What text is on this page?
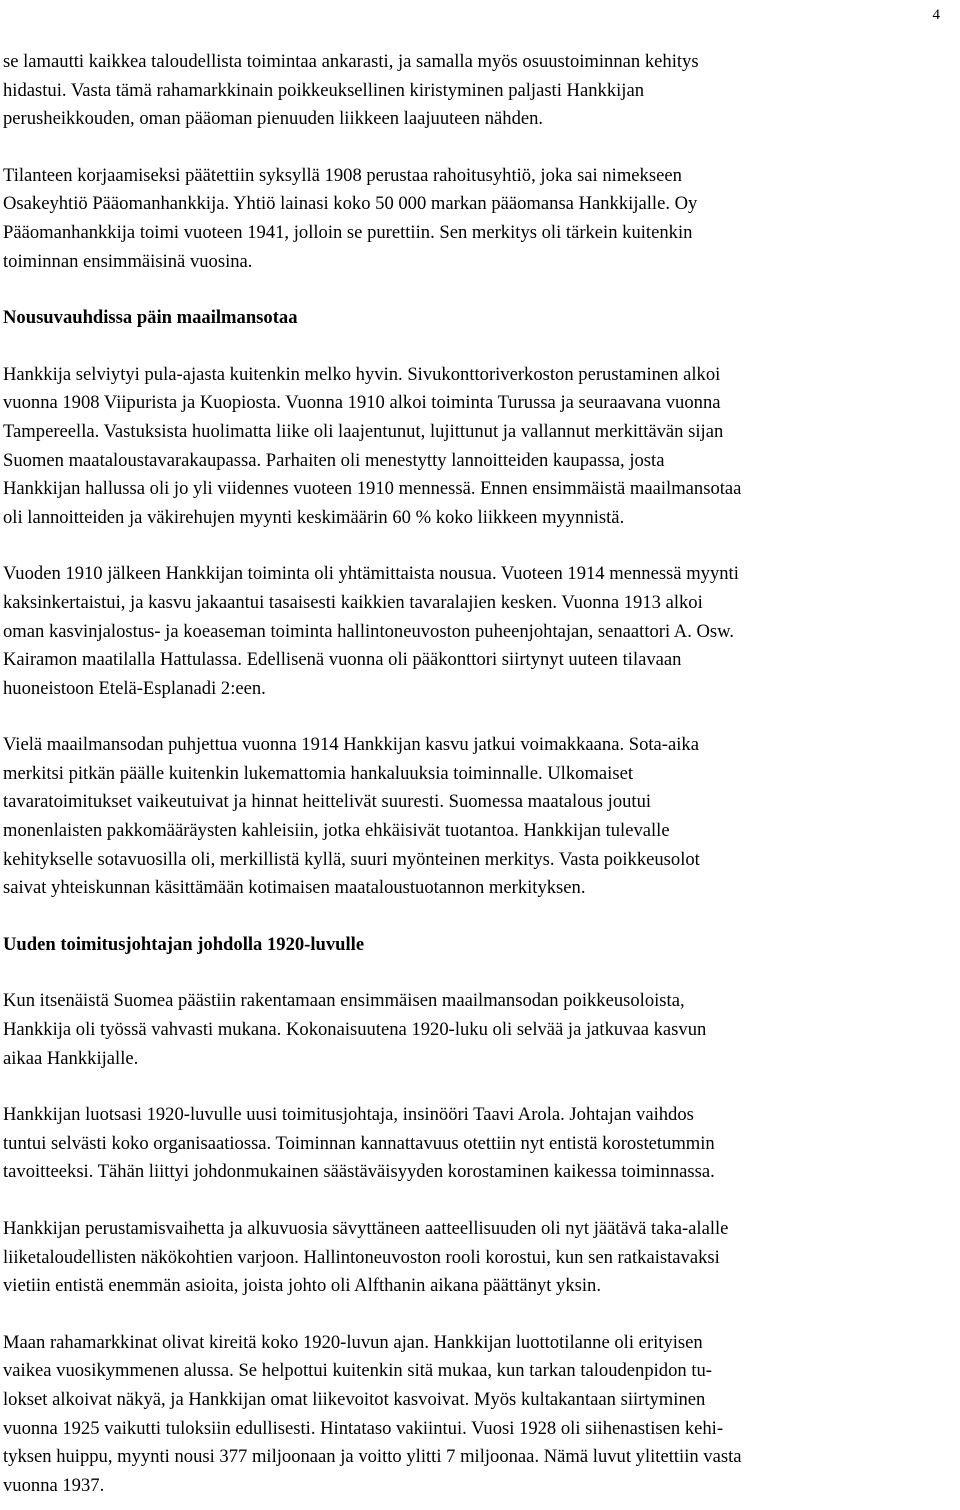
4
se lamautti kaikkea taloudellista toimintaa ankarasti, ja samalla myös osuustoiminnan kehitys
hidastui. Vasta tämä rahamarkkinain poikkeuksellinen kiristyminen paljasti Hankkijan
perusheikkouden, oman pääoman pienuuden liikkeen laajuuteen nähden.
Tilanteen korjaamiseksi päätettiin syksyllä 1908 perustaa rahoitusyhtiö, joka sai nimekseen
Osakeyhtiö Pääomanhankkija. Yhtiö lainasi koko 50 000 markan pääomansa Hankkijalle. Oy
Pääomanhankkija toimi vuoteen 1941, jolloin se purettiin. Sen merkitys oli tärkein kuitenkin
toiminnan ensimmäisinä vuosina.
Nousuvauhdissa päin maailmansotaa
Hankkija selviytyi pula-ajasta kuitenkin melko hyvin. Sivukonttoriverkoston perustaminen alkoi
vuonna 1908 Viipurista ja Kuopiosta. Vuonna 1910 alkoi toiminta Turussa ja seuraavana vuonna
Tampereella. Vastuksista huolimatta liike oli laajentunut, lujittunut ja vallannut merkittävän sijan
Suomen maataloustavarakaupassa. Parhaiten oli menestytty lannoitteiden kaupassa, josta
Hankkijan hallussa oli jo yli viidennes vuoteen 1910 mennessä. Ennen ensimmäistä maailmansotaa
oli lannoitteiden ja väkirehujen myynti keskimäärin 60 % koko liikkeen myynnistä.
Vuoden 1910 jälkeen Hankkijan toiminta oli yhtämittaista nousua. Vuoteen 1914 mennessä myynti
kaksinkertaistui, ja kasvu jakaantui tasaisesti kaikkien tavaralajien kesken. Vuonna 1913 alkoi
oman kasvinjalostus- ja koeaseman toiminta hallintoneuvoston puheenjohtajan, senaattori A. Osw.
Kairamon maatilalla Hattulassa. Edellisenä vuonna oli pääkonttori siirtynyt uuteen tilavaan
huoneistoon Etelä-Esplanadi 2:een.
Vielä maailmansodan puhjettua vuonna 1914 Hankkijan kasvu jatkui voimakkaana. Sota-aika
merkitsi pitkän päälle kuitenkin lukemattomia hankaluuksia toiminnalle. Ulkomaiset
tavaratoimitukset vaikeutuivat ja hinnat heittelivät suuresti. Suomessa maatalous joutui
monenlaisten pakkomääräysten kahleisiin, jotka ehkäisivät tuotantoa. Hankkijan tulevalle
kehitykselle sotavuosilla oli, merkillistä kyllä, suuri myönteinen merkitys. Vasta poikkeusolot
saivat yhteiskunnan käsittämään kotimaisen maataloustuotannon merkityksen.
Uuden toimitusjohtajan johdolla 1920-luvulle
Kun itsenäistä Suomea päästiin rakentamaan ensimmäisen maailmansodan poikkeusoloista,
Hankkija oli työssä vahvasti mukana. Kokonaisuutena 1920-luku oli selvää ja jatkuvaa kasvun
aikaa Hankkijalle.
Hankkijan luotsasi 1920-luvulle uusi toimitusjohtaja, insinööri Taavi Arola. Johtajan vaihdos
tuntui selvästi koko organisaatiossa. Toiminnan kannattavuus otettiin nyt entistä korostetummin
tavoitteeksi. Tähän liittyi johdonmukainen säästäväisyyden korostaminen kaikessa toiminnassa.
Hankkijan perustamisvaihetta ja alkuvuosia sävyttäneen aatteellisuuden oli nyt jäätävä taka-alalle
liiketaloudellisten näkökohtien varjoon. Hallintoneuvoston rooli korostui, kun sen ratkaistavaksi
vietiin entistä enemmän asioita, joista johto oli Alfthanin aikana päättänyt yksin.
Maan rahamarkkinat olivat kireitä koko 1920-luvun ajan. Hankkijan luottotilanne oli erityisen
vaikea vuosikymmenen alussa. Se helpottui kuitenkin sitä mukaa, kun tarkan taloudenpidon tu-
lokset alkoivat näkyä, ja Hankkijan omat liikevoitot kasvoivat. Myös kultakantaan siirtyminen
vuonna 1925 vaikutti tuloksiin edullisesti. Hintataso vakiintui. Vuosi 1928 oli siihenastisen kehi-
tyksen huippu, myynti nousi 377 miljoonaan ja voitto ylitti 7 miljoonaa. Nämä luvut ylitettiin vasta
vuonna 1937.
